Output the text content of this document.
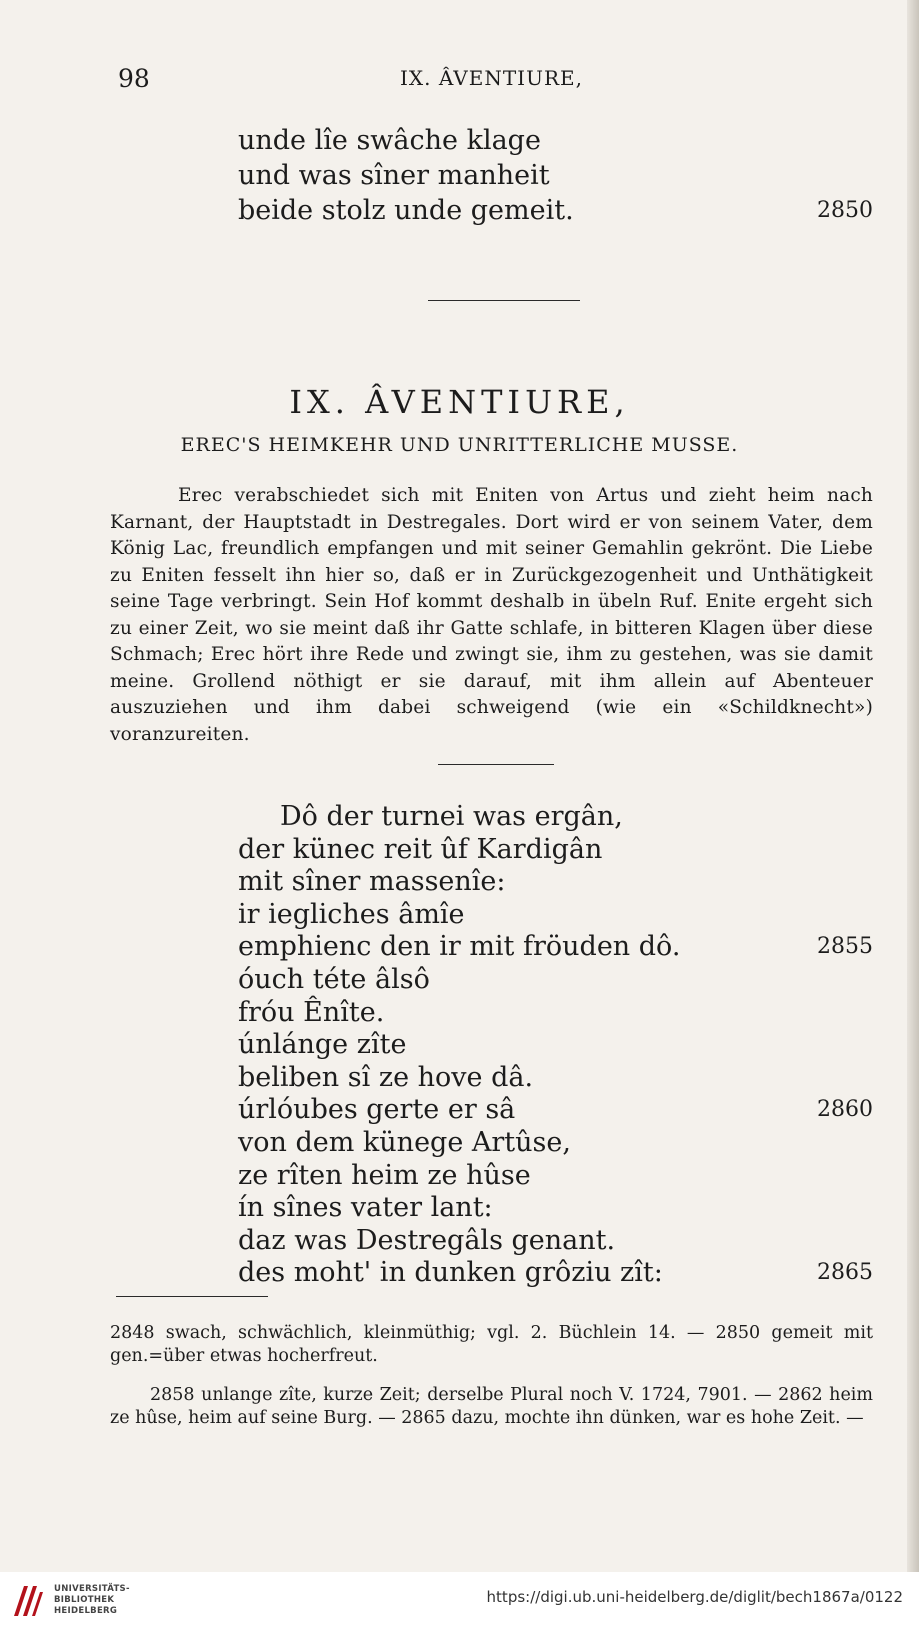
98	IX. ÂVENTIURE,
unde lîe swâche klage
und was sîner manheit
beide stolz unde gemeit.	2850
IX. ÂVENTIURE,
EREC'S HEIMKEHR UND UNRITTERLICHE MUSSE.

Erec verabschiedet sich mit Eniten von Artus und zieht heim nach Karnant, der Hauptstadt in Destregales. Dort wird er von seinem Vater, dem König Lac, freundlich empfangen und mit seiner Gemahlin gekrönt. Die Liebe zu Eniten fesselt ihn hier so, daß er in Zurückgezogenheit und Unthätigkeit seine Tage verbringt. Sein Hof kommt deshalb in übeln Ruf. Enite ergeht sich zu einer Zeit, wo sie meint daß ihr Gatte schlafe, in bitteren Klagen über diese Schmach; Erec hört ihre Rede und zwingt sie, ihm zu gestehen, was sie damit meine. Grollend nöthigt er sie darauf, mit ihm allein auf Abenteuer auszuziehen und ihm dabei schweigend (wie ein «Schildknecht») voranzureiten.

Dô der turnei was ergân,
der künec reit ûf Kardigân
mit sîner massenîe:
ir iegliches âmîe
emphienc den ir mit fröuden dô.
óuch téte âlsô
fróu Ênîte.
únlánge zîte
beliben sî ze hove dâ.
úrlóubes gerte er sâ
von dem künege Artûse,
ze rîten heim ze hûse
ín sînes vater lant:
daz was Destregâls genant.
des moht' in dunken grôziu zît:
2855
2860
2865

2848 swach, schwächlich, kleinmüthig; vgl. 2. Büchlein 14. — 2850 gemeit mit gen.=über etwas hocherfreut.

2858 unlange zîte, kurze Zeit; derselbe Plural noch V. 1724, 7901. — 2862 heim ze hûse, heim auf seine Burg. — 2865 dazu, mochte ihn dünken, war es hohe Zeit. —

UNIVERSITÄTS-
BIBLIOTHEK
HEIDELBERG
https://digi.ub.uni-heidelberg.de/diglit/bech1867a/0122
